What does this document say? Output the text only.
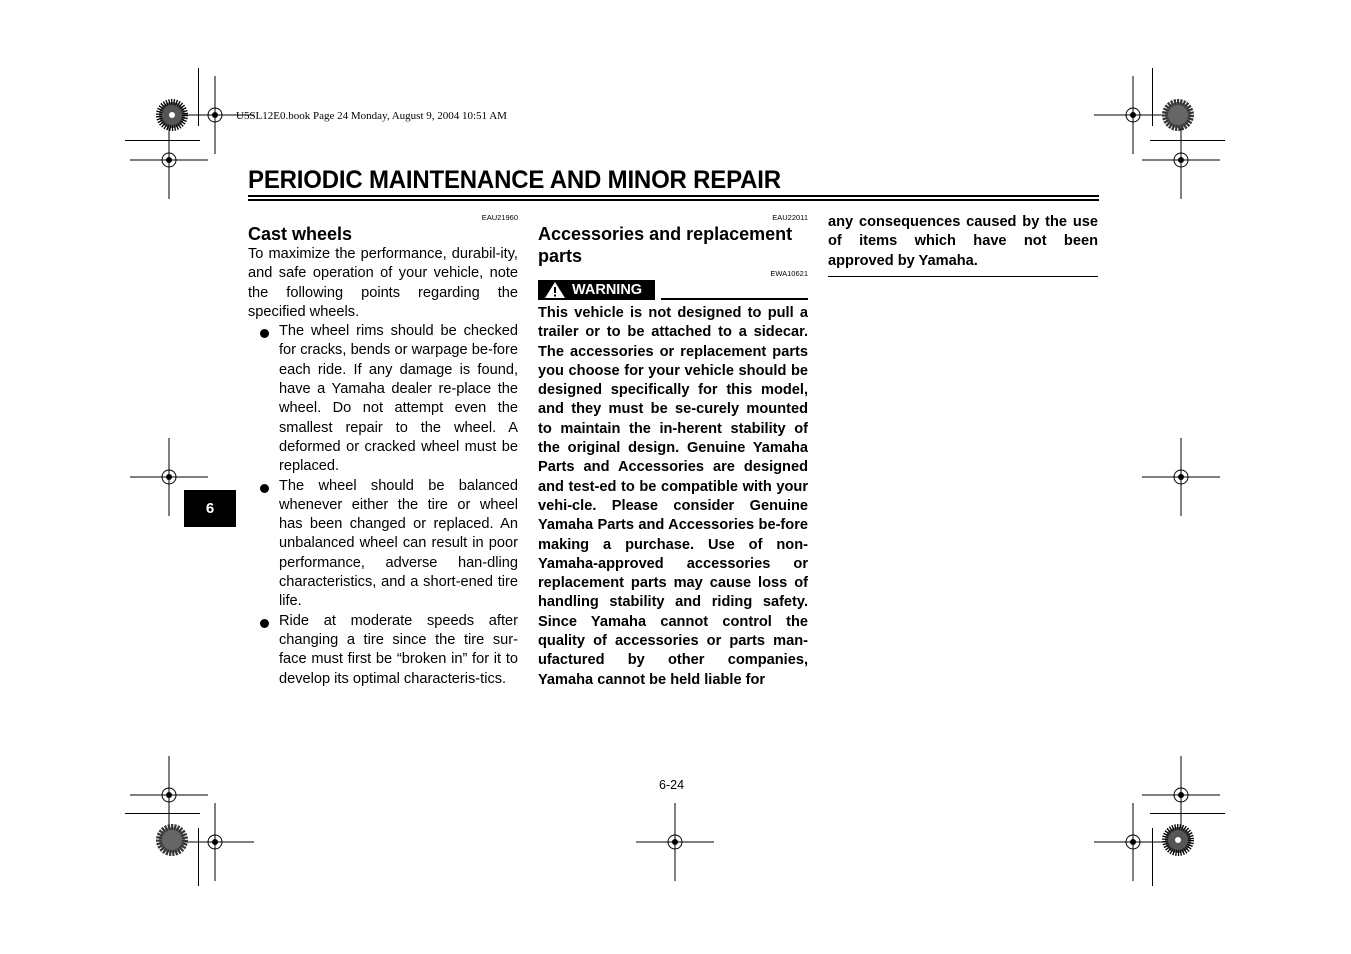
U5SL12E0.book Page 24 Monday, August 9, 2004 10:51 AM
PERIODIC MAINTENANCE AND MINOR REPAIR
6
EAU21960
Cast wheels

To maximize the performance, durabil-ity, and safe operation of your vehicle, note the following points regarding the specified wheels.

The wheel rims should be checked for cracks, bends or warpage be-fore each ride. If any damage is found, have a Yamaha dealer re-place the wheel. Do not attempt even the smallest repair to the wheel. A deformed or cracked wheel must be replaced.
The wheel should be balanced whenever either the tire or wheel has been changed or replaced. An unbalanced wheel can result in poor performance, adverse han-dling characteristics, and a short-ened tire life.
Ride at moderate speeds after changing a tire since the tire sur-face must first be “broken in” for it to develop its optimal characteris-tics.
EAU22011
Accessories and replacement parts
EWA10621
WARNING

This vehicle is not designed to pull a trailer or to be attached to a sidecar. The accessories or replacement parts you choose for your vehicle should be designed specifically for this model, and they must be se-curely mounted to maintain the in-herent stability of the original design. Genuine Yamaha Parts and Accessories are designed and test-ed to be compatible with your vehi-cle. Please consider Genuine Yamaha Parts and Accessories be-fore making a purchase. Use of non-Yamaha-approved accessories or replacement parts may cause loss of handling stability and riding safety. Since Yamaha cannot control the quality of accessories or parts man-ufactured by other companies, Yamaha cannot be held liable for

any consequences caused by the use of items which have not been approved by Yamaha.

6-24
